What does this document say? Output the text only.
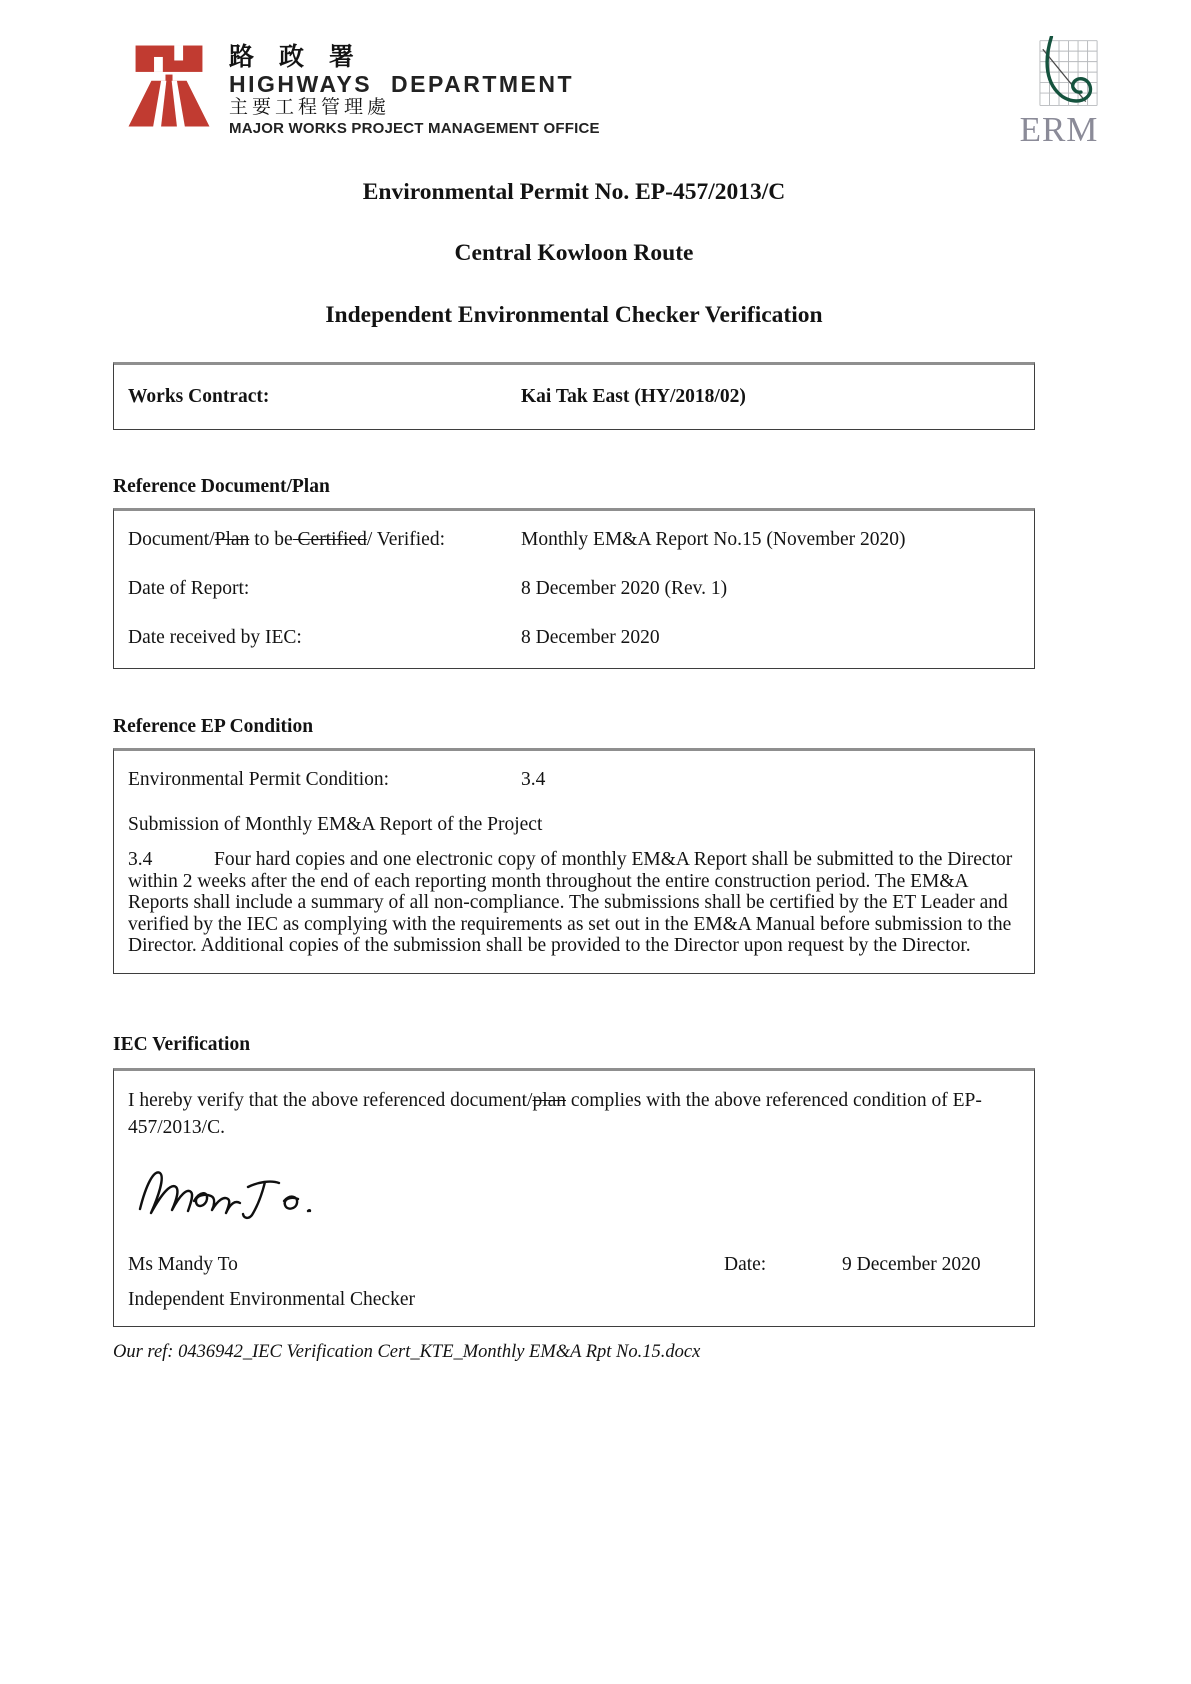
路 政 署
HIGHWAYS DEPARTMENT
主要工程管理處
MAJOR WORKS PROJECT MANAGEMENT OFFICE	ERM
Environmental Permit No. EP-457/2013/C
Central Kowloon Route
Independent Environmental Checker Verification
Works Contract:	Kai Tak East (HY/2018/02)
Reference Document/Plan
Document/Plan to be Certified/ Verified:	Monthly EM&A Report No.15 (November 2020)
Date of Report:	8 December 2020 (Rev. 1)
Date received by IEC:	8 December 2020
Reference EP Condition
Environmental Permit Condition:	3.4
Submission of Monthly EM&A Report of the Project
3.4	Four hard copies and one electronic copy of monthly EM&A Report shall be submitted to the Director within 2 weeks after the end of each reporting month throughout the entire construction period. The EM&A Reports shall include a summary of all non-compliance. The submissions shall be certified by the ET Leader and verified by the IEC as complying with the requirements as set out in the EM&A Manual before submission to the Director. Additional copies of the submission shall be provided to the Director upon request by the Director.
IEC Verification
I hereby verify that the above referenced document/plan complies with the above referenced condition of EP-457/2013/C.
Ms Mandy To	Date:	9 December 2020
Independent Environmental Checker
Our ref: 0436942_IEC Verification Cert_KTE_Monthly EM&A Rpt No.15.docx
